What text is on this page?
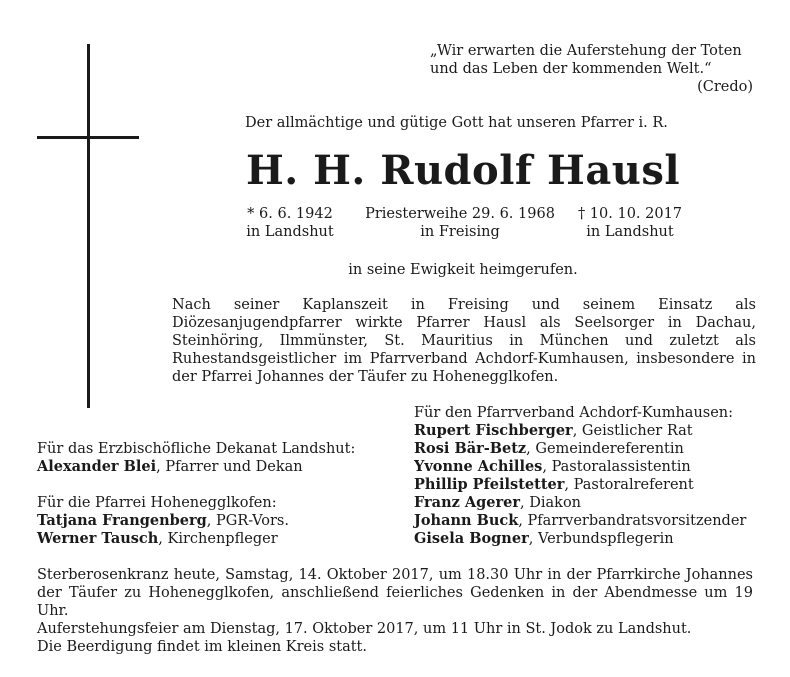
„Wir erwarten die Auferstehung der Toten
und das Leben der kommenden Welt.“
(Credo)
Der allmächtige und gütige Gott hat unseren Pfarrer i. R.
H. H. Rudolf Hausl
* 6. 6. 1942
in Landshut
Priesterweihe 29. 6. 1968
in Freising
† 10. 10. 2017
in Landshut
in seine Ewigkeit heimgerufen.

Nach seiner Kaplanszeit in Freising und seinem Einsatz als Diözesanjugendpfarrer wirkte Pfarrer Hausl als Seelsorger in Dachau, Steinhöring, Ilmmünster, St. Mauritius in München und zuletzt als Ruhestandsgeistlicher im Pfarrverband Achdorf-Kumhausen, insbesondere in der Pfarrei Johannes der Täufer zu Hohenegglkofen.

Für den Pfarrverband Achdorf-Kumhausen:
Rupert Fischberger, Geistlicher Rat
Rosi Bär-Betz, Gemeindereferentin
Yvonne Achilles, Pastoralassistentin
Phillip Pfeilstetter, Pastoralreferent
Franz Agerer, Diakon
Johann Buck, Pfarrverbandratsvorsitzender
Gisela Bogner, Verbundspflegerin
Für das Erzbischöfliche Dekanat Landshut:
Alexander Blei, Pfarrer und Dekan
Für die Pfarrei Hohenegglkofen:
Tatjana Frangenberg, PGR-Vors.
Werner Tausch, Kirchenpfleger

Sterberosenkranz heute, Samstag, 14. Oktober 2017, um 18.30 Uhr in der Pfarrkirche Johannes der Täufer zu Hohenegglkofen, anschließend feierliches Gedenken in der Abendmesse um 19 Uhr.

Auferstehungsfeier am Dienstag, 17. Oktober 2017, um 11 Uhr in St. Jodok zu Landshut.

Die Beerdigung findet im kleinen Kreis statt.
